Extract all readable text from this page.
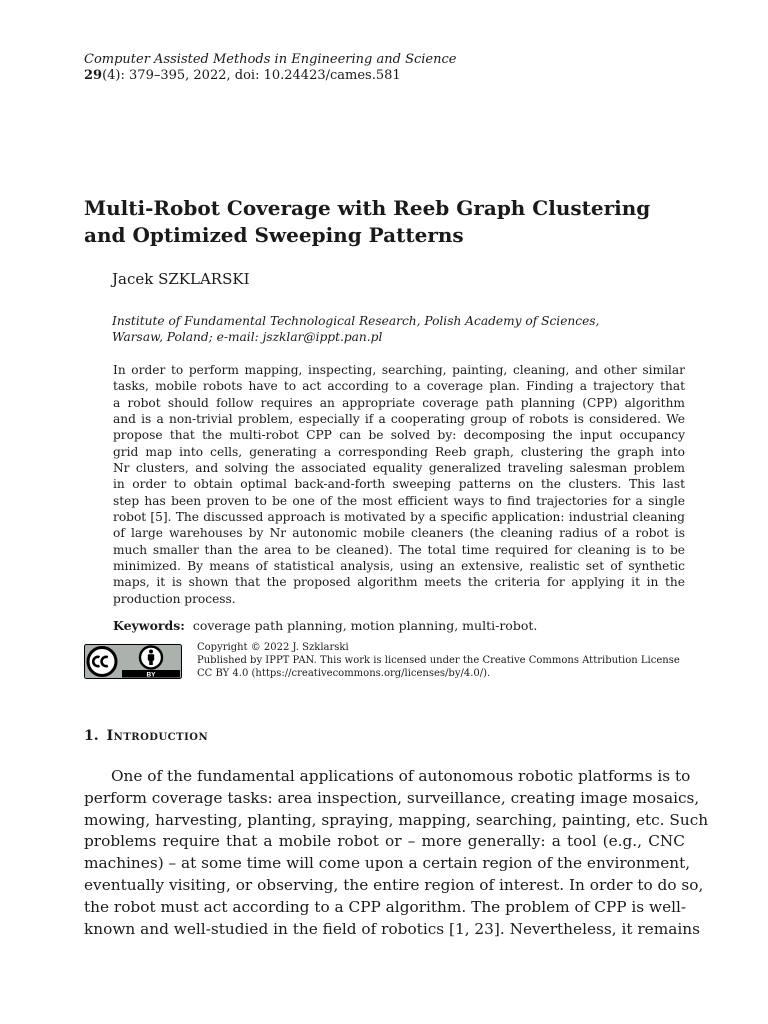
Computer Assisted Methods in Engineering and Science
29(4): 379–395, 2022, doi: 10.24423/cames.581
Multi-Robot Coverage with Reeb Graph Clustering
and Optimized Sweeping Patterns
Jacek SZKLARSKI
Institute of Fundamental Technological Research, Polish Academy of Sciences,
Warsaw, Poland; e-mail: jszklar@ippt.pan.pl
In order to perform mapping, inspecting, searching, painting, cleaning, and other similar
tasks, mobile robots have to act according to a coverage plan. Finding a trajectory that
a robot should follow requires an appropriate coverage path planning (CPP) algorithm
and is a non-trivial problem, especially if a cooperating group of robots is considered. We
propose that the multi-robot CPP can be solved by: decomposing the input occupancy
grid map into cells, generating a corresponding Reeb graph, clustering the graph into
Nr clusters, and solving the associated equality generalized traveling salesman problem
in order to obtain optimal back-and-forth sweeping patterns on the clusters. This last
step has been proven to be one of the most efficient ways to find trajectories for a single
robot [5]. The discussed approach is motivated by a specific application: industrial cleaning
of large warehouses by Nr autonomic mobile cleaners (the cleaning radius of a robot is
much smaller than the area to be cleaned). The total time required for cleaning is to be
minimized. By means of statistical analysis, using an extensive, realistic set of synthetic
maps, it is shown that the proposed algorithm meets the criteria for applying it in the
production process.
Keywords: coverage path planning, motion planning, multi-robot.
BY
Copyright © 2022 J. Szklarski
Published by IPPT PAN. This work is licensed under the Creative Commons Attribution License
CC BY 4.0 (https://creativecommons.org/licenses/by/4.0/).
1. Introduction
One of the fundamental applications of autonomous robotic platforms is to
perform coverage tasks: area inspection, surveillance, creating image mosaics,
mowing, harvesting, planting, spraying, mapping, searching, painting, etc. Such
problems require that a mobile robot or – more generally: a tool (e.g., CNC
machines) – at some time will come upon a certain region of the environment,
eventually visiting, or observing, the entire region of interest. In order to do so,
the robot must act according to a CPP algorithm. The problem of CPP is well-
known and well-studied in the field of robotics [1, 23]. Nevertheless, it remains
